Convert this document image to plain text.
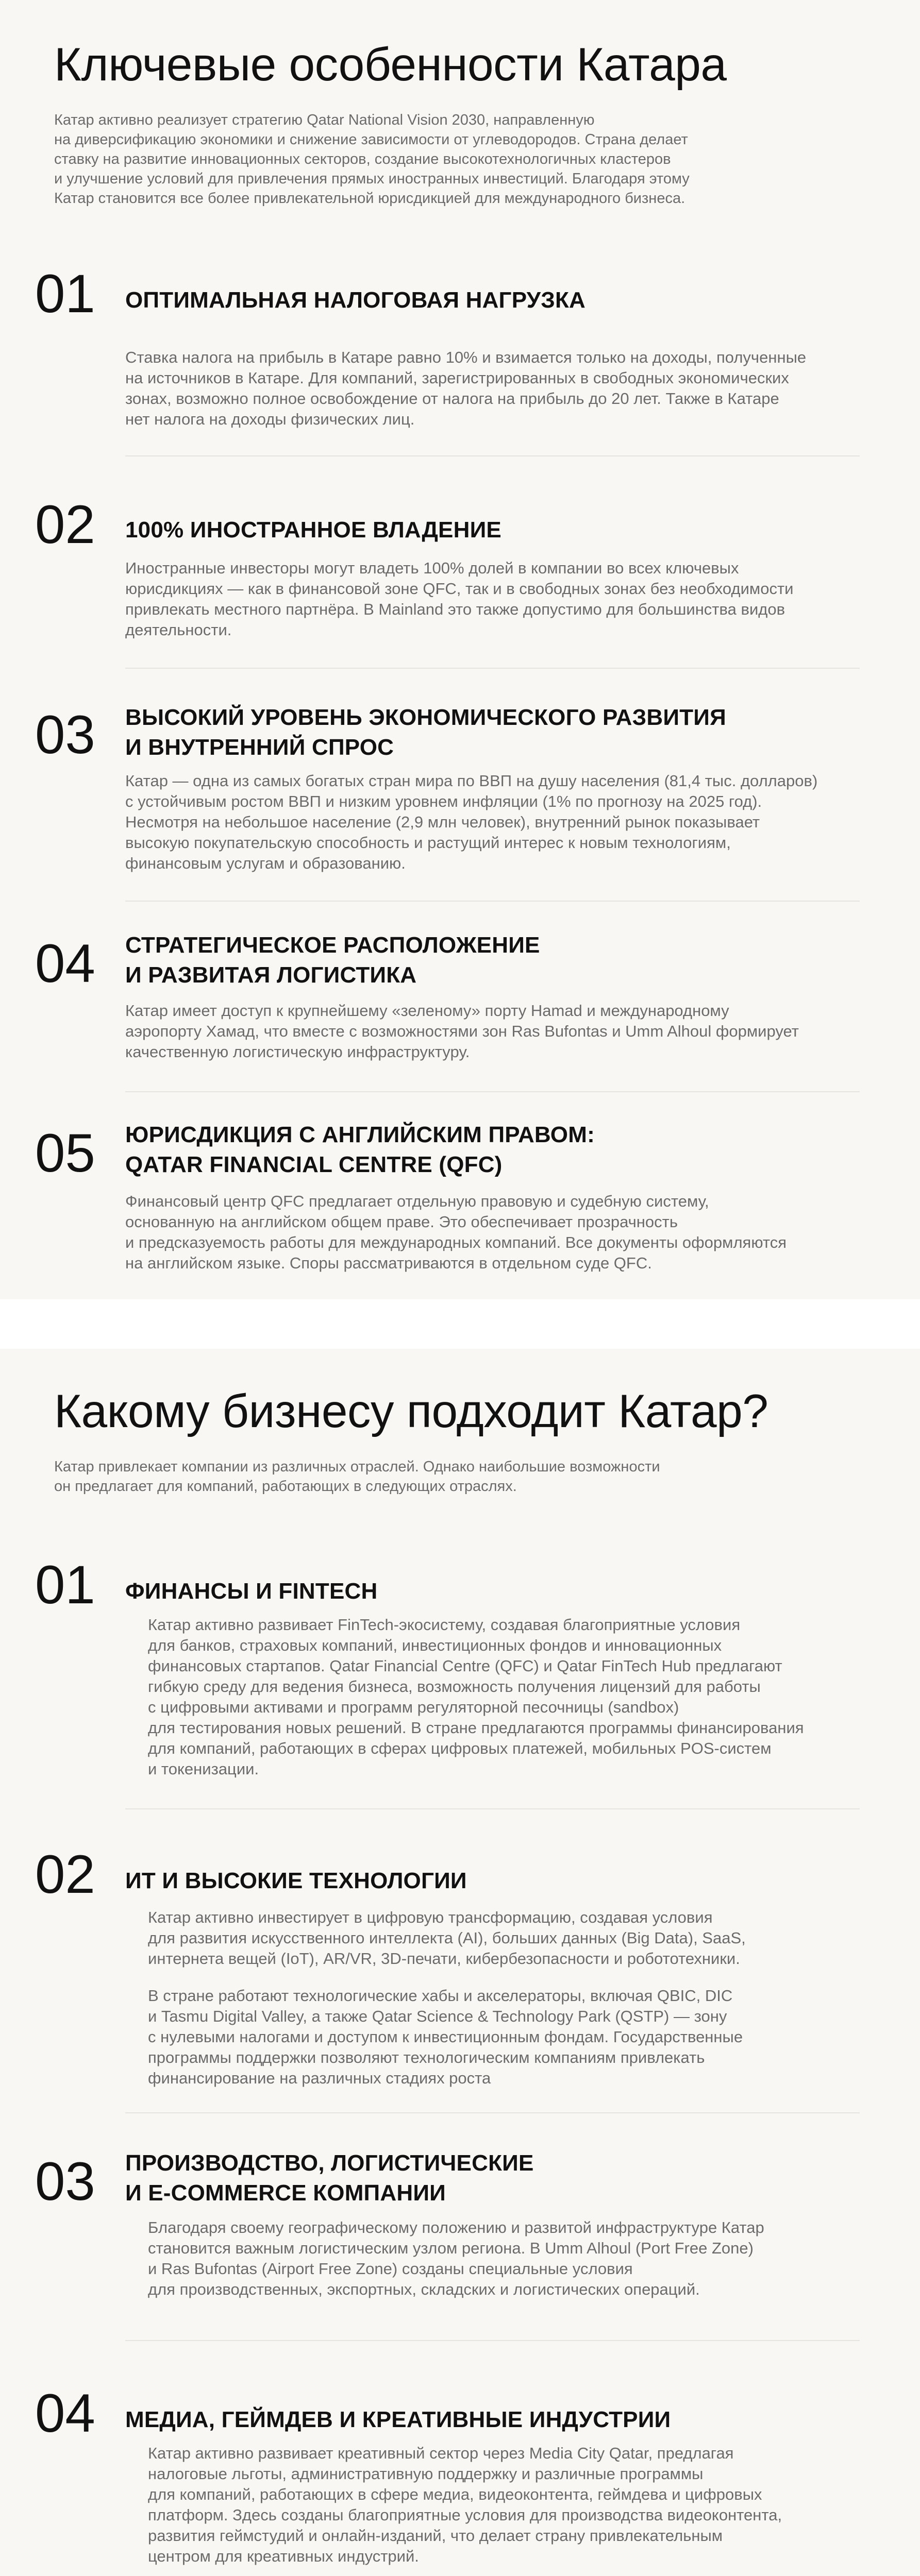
Ключевые особенности Катара

Катар активно реализует стратегию Qatar National Vision 2030, направленную
на диверсификацию экономики и снижение зависимости от углеводородов. Страна делает
ставку на развитие инновационных секторов, создание высокотехнологичных кластеров
и улучшение условий для привлечения прямых иностранных инвестиций. Благодаря этому
Катар становится все более привлекательной юрисдикцией для международного бизнеса.

01 ОПТИМАЛЬНАЯ НАЛОГОВАЯ НАГРУЗКА

Ставка налога на прибыль в Катаре равно 10% и взимается только на доходы, полученные
на источников в Катаре. Для компаний, зарегистрированных в свободных экономических
зонах, возможно полное освобождение от налога на прибыль до 20 лет. Также в Катаре
нет налога на доходы физических лиц.

02 100% ИНОСТРАННОЕ ВЛАДЕНИЕ

Иностранные инвесторы могут владеть 100% долей в компании во всех ключевых
юрисдикциях — как в финансовой зоне QFC, так и в свободных зонах без необходимости
привлекать местного партнёра. В Mainland это также допустимо для большинства видов
деятельности.

03 ВЫСОКИЙ УРОВЕНЬ ЭКОНОМИЧЕСКОГО РАЗВИТИЯ
И ВНУТРЕННИЙ СПРОС

Катар — одна из самых богатых стран мира по ВВП на душу населения (81,4 тыс. долларов)
с устойчивым ростом ВВП и низким уровнем инфляции (1% по прогнозу на 2025 год).
Несмотря на небольшое население (2,9 млн человек), внутренний рынок показывает
высокую покупательскую способность и растущий интерес к новым технологиям,
финансовым услугам и образованию.

04 СТРАТЕГИЧЕСКОЕ РАСПОЛОЖЕНИЕ
И РАЗВИТАЯ ЛОГИСТИКА

Катар имеет доступ к крупнейшему «зеленому» порту Hamad и международному
аэропорту Хамад, что вместе с возможностями зон Ras Bufontas и Umm Alhoul формирует
качественную логистическую инфраструктуру.

05 ЮРИСДИКЦИЯ С АНГЛИЙСКИМ ПРАВОМ:
QATAR FINANCIAL CENTRE (QFC)

Финансовый центр QFC предлагает отдельную правовую и судебную систему,
основанную на английском общем праве. Это обеспечивает прозрачность
и предсказуемость работы для международных компаний. Все документы оформляются
на английском языке. Споры рассматриваются в отдельном суде QFC.

Какому бизнесу подходит Катар?

Катар привлекает компании из различных отраслей. Однако наибольшие возможности
он предлагает для компаний, работающих в следующих отраслях.

01 ФИНАНСЫ И FINTECH

Катар активно развивает FinTech-экосистему, создавая благоприятные условия
для банков, страховых компаний, инвестиционных фондов и инновационных
финансовых стартапов. Qatar Financial Centre (QFC) и Qatar FinTech Hub предлагают
гибкую среду для ведения бизнеса, возможность получения лицензий для работы
с цифровыми активами и программ регуляторной песочницы (sandbox)
для тестирования новых решений. В стране предлагаются программы финансирования
для компаний, работающих в сферах цифровых платежей, мобильных POS-систем
и токенизации.

02 ИТ И ВЫСОКИЕ ТЕХНОЛОГИИ

Катар активно инвестирует в цифровую трансформацию, создавая условия
для развития искусственного интеллекта (AI), больших данных (Big Data), SaaS,
интернета вещей (IoT), AR/VR, 3D-печати, кибербезопасности и робототехники.

В стране работают технологические хабы и акселераторы, включая QBIC, DIC
и Tasmu Digital Valley, а также Qatar Science & Technology Park (QSTP) — зону
с нулевыми налогами и доступом к инвестиционным фондам. Государственные
программы поддержки позволяют технологическим компаниям привлекать
финансирование на различных стадиях роста

03 ПРОИЗВОДСТВО, ЛОГИСТИЧЕСКИЕ
И E-COMMERCE КОМПАНИИ

Благодаря своему географическому положению и развитой инфраструктуре Катар
становится важным логистическим узлом региона. В Umm Alhoul (Port Free Zone)
и Ras Bufontas (Airport Free Zone) созданы специальные условия
для производственных, экспортных, складских и логистических операций.

04 МЕДИА, ГЕЙМДЕВ И КРЕАТИВНЫЕ ИНДУСТРИИ

Катар активно развивает креативный сектор через Media City Qatar, предлагая
налоговые льготы, административную поддержку и различные программы
для компаний, работающих в сфере медиа, видеоконтента, геймдева и цифровых
платформ. Здесь созданы благоприятные условия для производства видеоконтента,
развития геймстудий и онлайн-изданий, что делает страну привлекательным
центром для креативных индустрий.
